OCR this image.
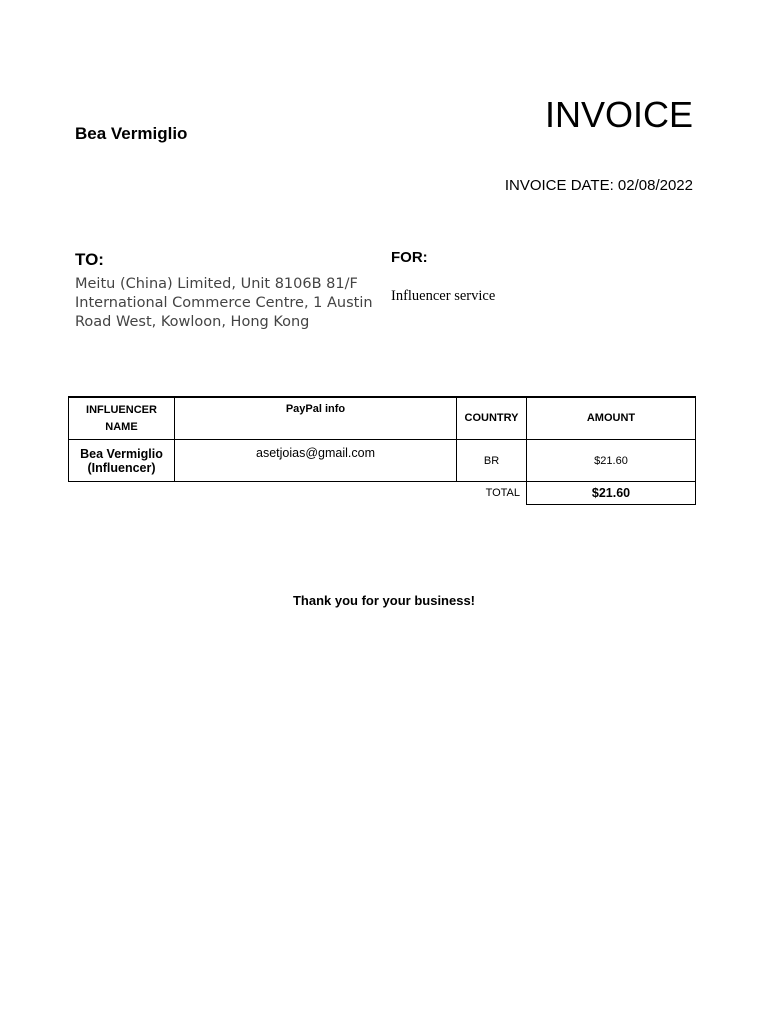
INVOICE
Bea Vermiglio
INVOICE DATE: 02/08/2022
TO:
Meitu (China) Limited, Unit 8106B 81/F International Commerce Centre, 1 Austin Road West, Kowloon, Hong Kong
FOR:
Influencer service
INFLUENCER NAME	PayPal info	COUNTRY	AMOUNT
Bea Vermiglio (Influencer)	asetjoias@gmail.com	BR	$21.60
		TOTAL	$21.60
Thank you for your business!
